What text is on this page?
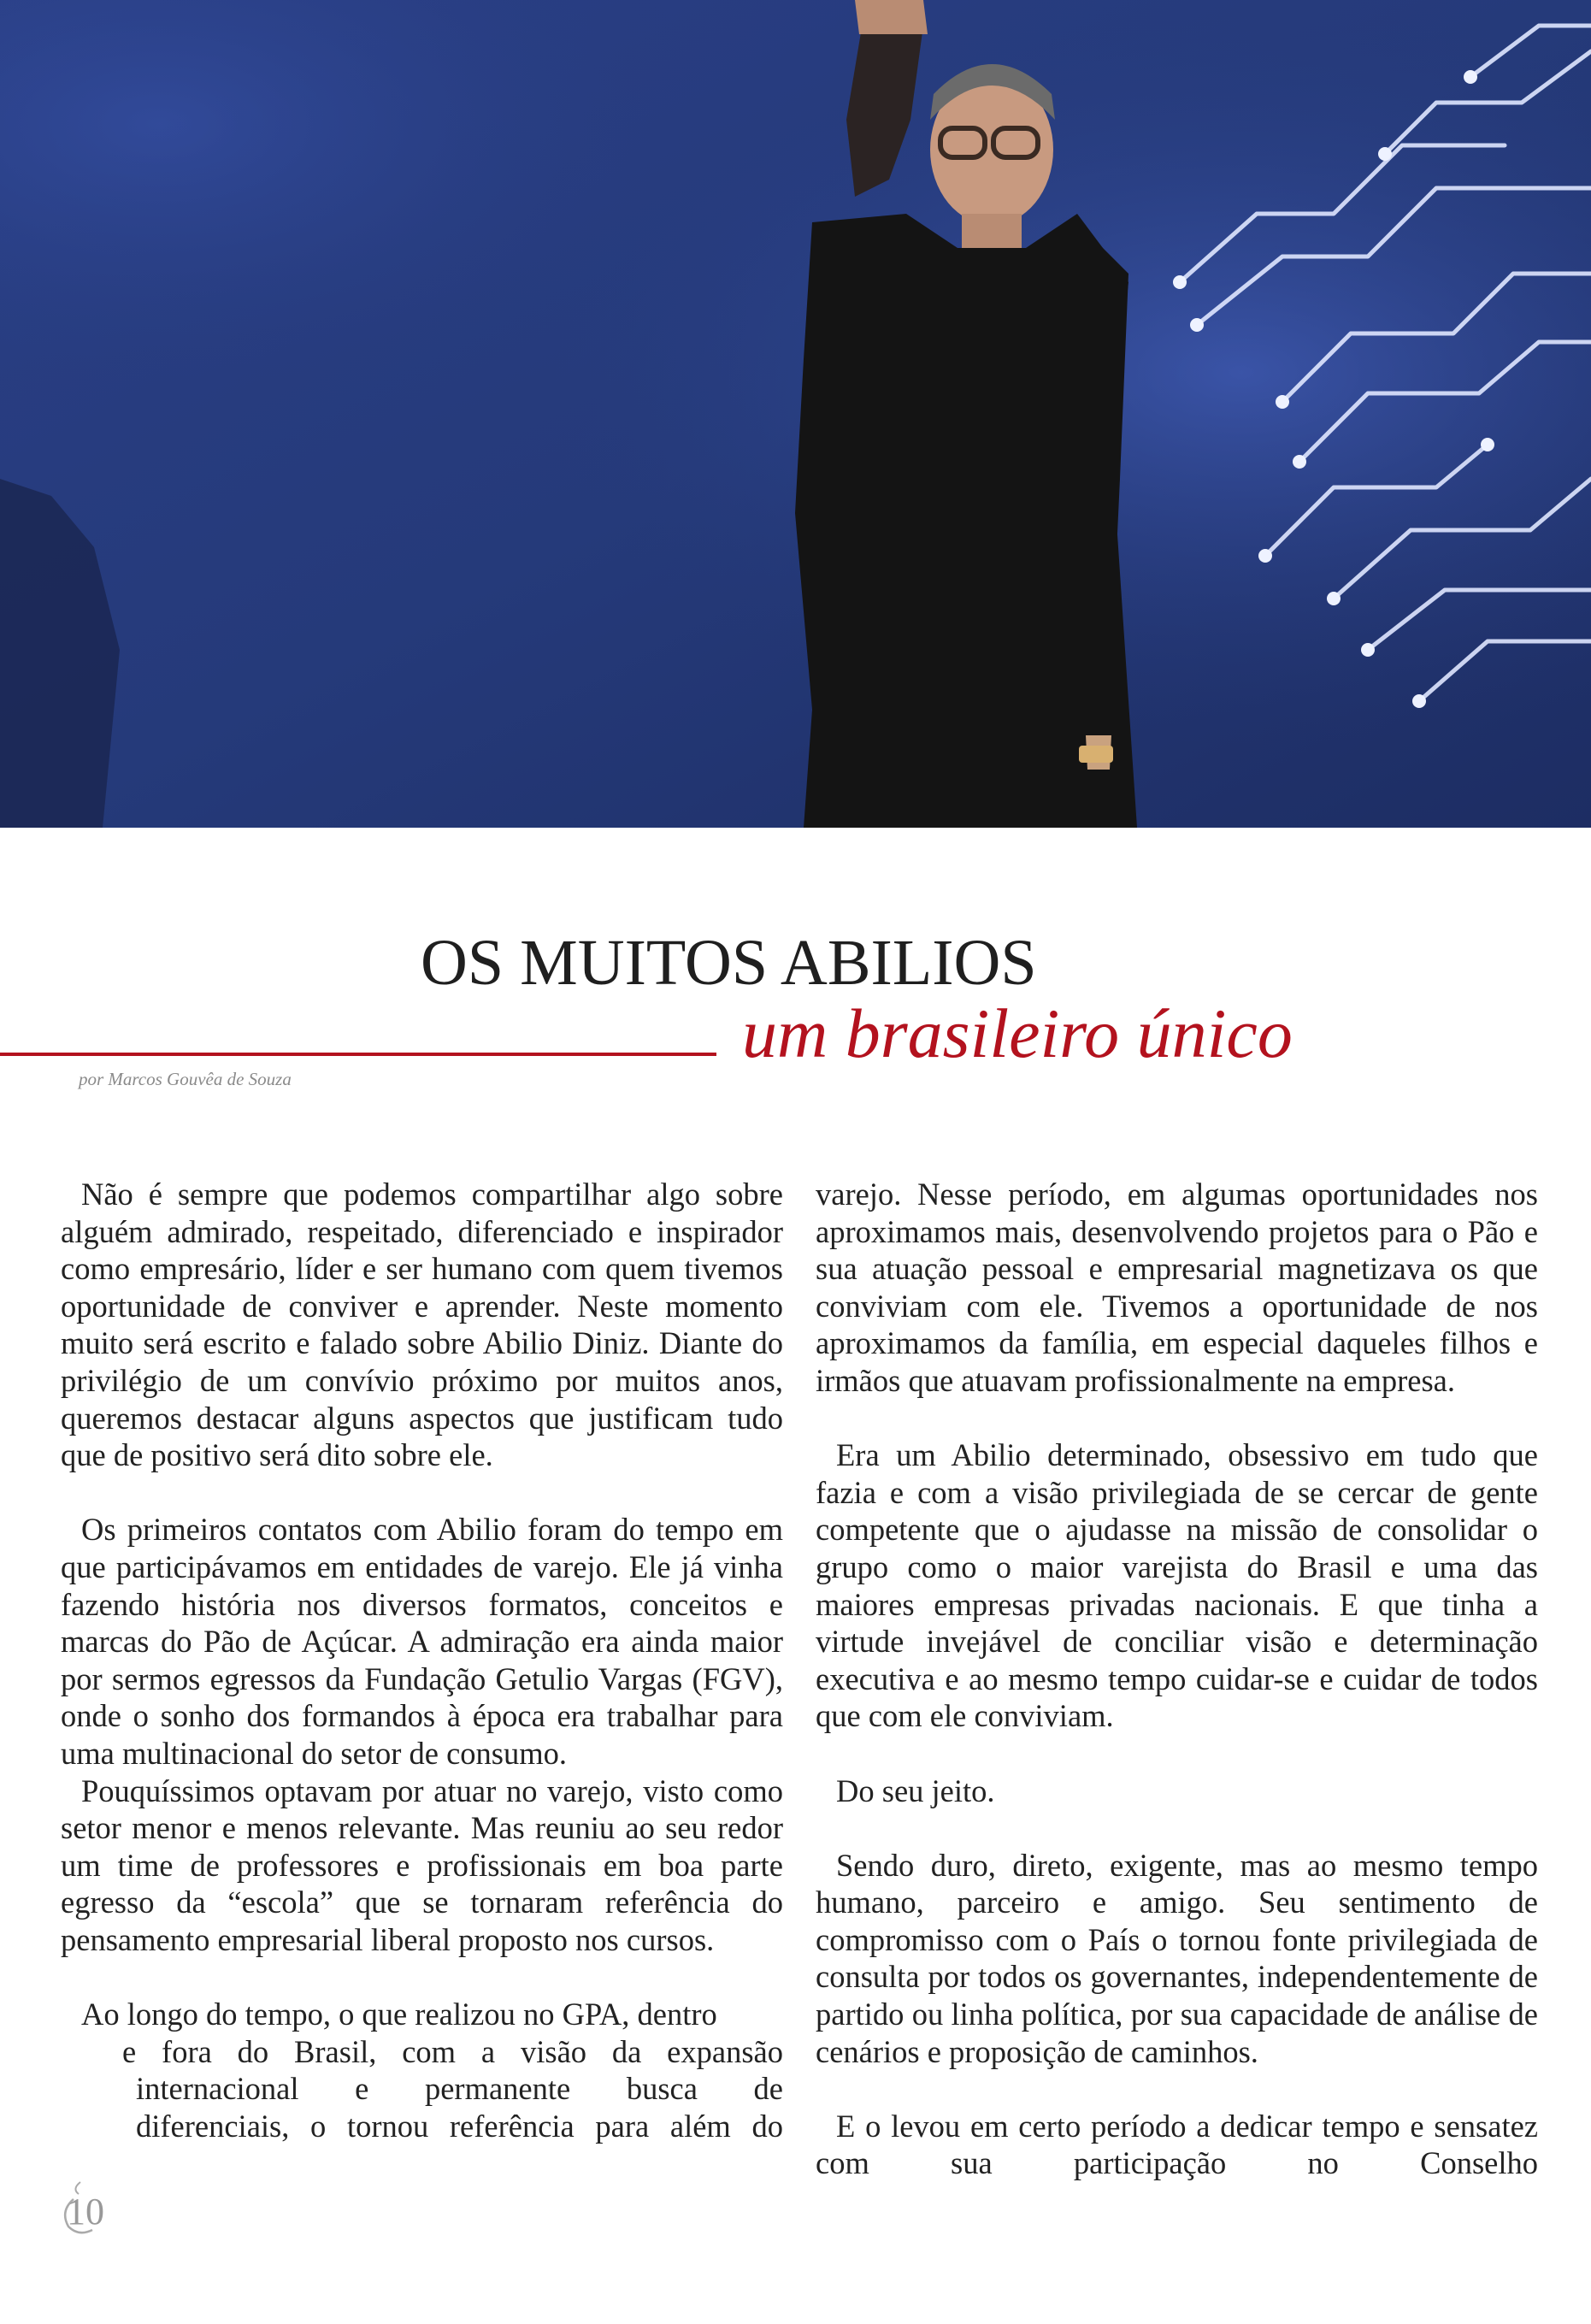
OS MUITOS ABILIOS
um brasileiro único
por Marcos Gouvêa de Souza

Não é sempre que podemos compartilhar algo sobre alguém admirado, respeitado, diferenciado e inspirador como empresário, líder e ser humano com quem tivemos oportunidade de conviver e aprender. Neste momento muito será escrito e falado sobre Abilio Diniz. Diante do privilégio de um convívio próximo por muitos anos, queremos destacar alguns aspectos que justificam tudo que de positivo será dito sobre ele.

Os primeiros contatos com Abilio foram do tempo em que participávamos em entidades de varejo. Ele já vinha fazendo história nos diversos formatos, conceitos e marcas do Pão de Açúcar. A admiração era ainda maior por sermos egressos da Fundação Getulio Vargas (FGV), onde o sonho dos formandos à época era trabalhar para uma multinacional do setor de consumo.

Pouquíssimos optavam por atuar no varejo, visto como setor menor e menos relevante. Mas reuniu ao seu redor um time de professores e profissionais em boa parte egresso da “escola” que se tornaram referência do pensamento empresarial liberal proposto nos cursos.

Ao longo do tempo, o que realizou no GPA, dentro
e fora do Brasil, com a visão da expansão
internacional e permanente busca de
diferenciais, o tornou referência para além do

varejo. Nesse período, em algumas oportunidades nos aproximamos mais, desenvolvendo projetos para o Pão e sua atuação pessoal e empresarial magnetizava os que conviviam com ele. Tivemos a oportunidade de nos aproximamos da família, em especial daqueles filhos e irmãos que atuavam profissionalmente na empresa.

Era um Abilio determinado, obsessivo em tudo que fazia e com a visão privilegiada de se cercar de gente competente que o ajudasse na missão de consolidar o grupo como o maior varejista do Brasil e uma das maiores empresas privadas nacionais. E que tinha a virtude invejável de conciliar visão e determinação executiva e ao mesmo tempo cuidar-se e cuidar de todos que com ele conviviam.

Do seu jeito.

Sendo duro, direto, exigente, mas ao mesmo tempo humano, parceiro e amigo. Seu sentimento de compromisso com o País o tornou fonte privilegiada de consulta por todos os governantes, independentemente de partido ou linha política, por sua capacidade de análise de cenários e proposição de caminhos.

E o levou em certo período a dedicar tempo e sensatez com sua participação no Conselho

10
